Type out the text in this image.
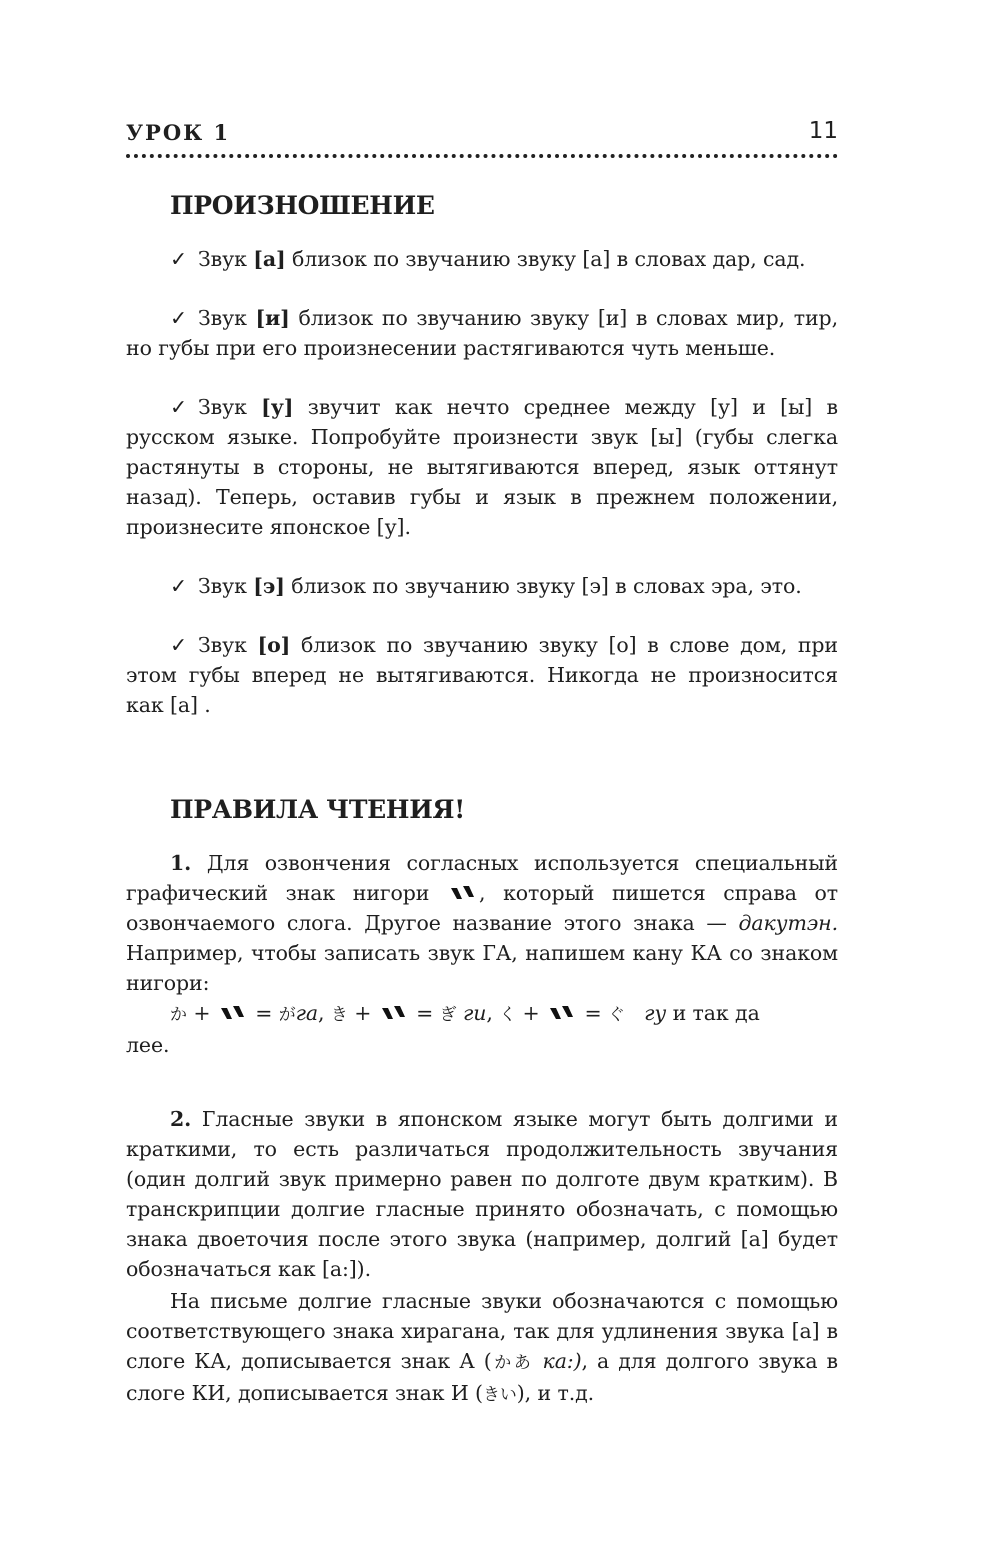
УРОК 1	11
ПРОИЗНОШЕНИЕ

✓ Звук [а] близок по звучанию звуку [а] в словах дар, сад.

✓ Звук [и] близок по звучанию звуку [и] в словах мир, тир, но губы при его произнесении растягиваются чуть меньше.

✓ Звук [у] звучит как нечто среднее между [у] и [ы] в русском языке. Попробуйте произнести звук [ы] (губы слегка растянуты в стороны, не вытягиваются вперед, язык оттянут назад). Теперь, оставив губы и язык в прежнем положении, произнесите японское [у].

✓ Звук [э] близок по звучанию звуку [э] в словах эра, это.

✓ Звук [о] близок по звучанию звуку [о] в слове дом, при этом губы вперед не вытягиваются. Никогда не произносится как [а] .

ПРАВИЛА ЧТЕНИЯ!

1. Для озвончения согласных используется специальный графический знак нигори , который пишется справа от озвончаемого слога. Другое название этого знака — дакутэн. Например, чтобы записать звук ГА, напишем кану КА со знаком нигори:

か + = がга, き + = ぎ ги, く + = ぐ гу и так да

лее.

2. Гласные звуки в японском языке могут быть долгими и краткими, то есть различаться продолжительность звучания (один долгий звук примерно равен по долготе двум кратким). В транскрипции долгие гласные принято обозначать, с помощью знака двоеточия после этого звука (например, долгий [а] будет обозначаться как [а:]).

На письме долгие гласные звуки обозначаются с помощью соответствующего знака хирагана, так для удлинения звука [а] в слоге КА, дописывается знак А (かあ ка:), а для долгого звука в слоге КИ, дописывается знак И (きい), и т.д.
